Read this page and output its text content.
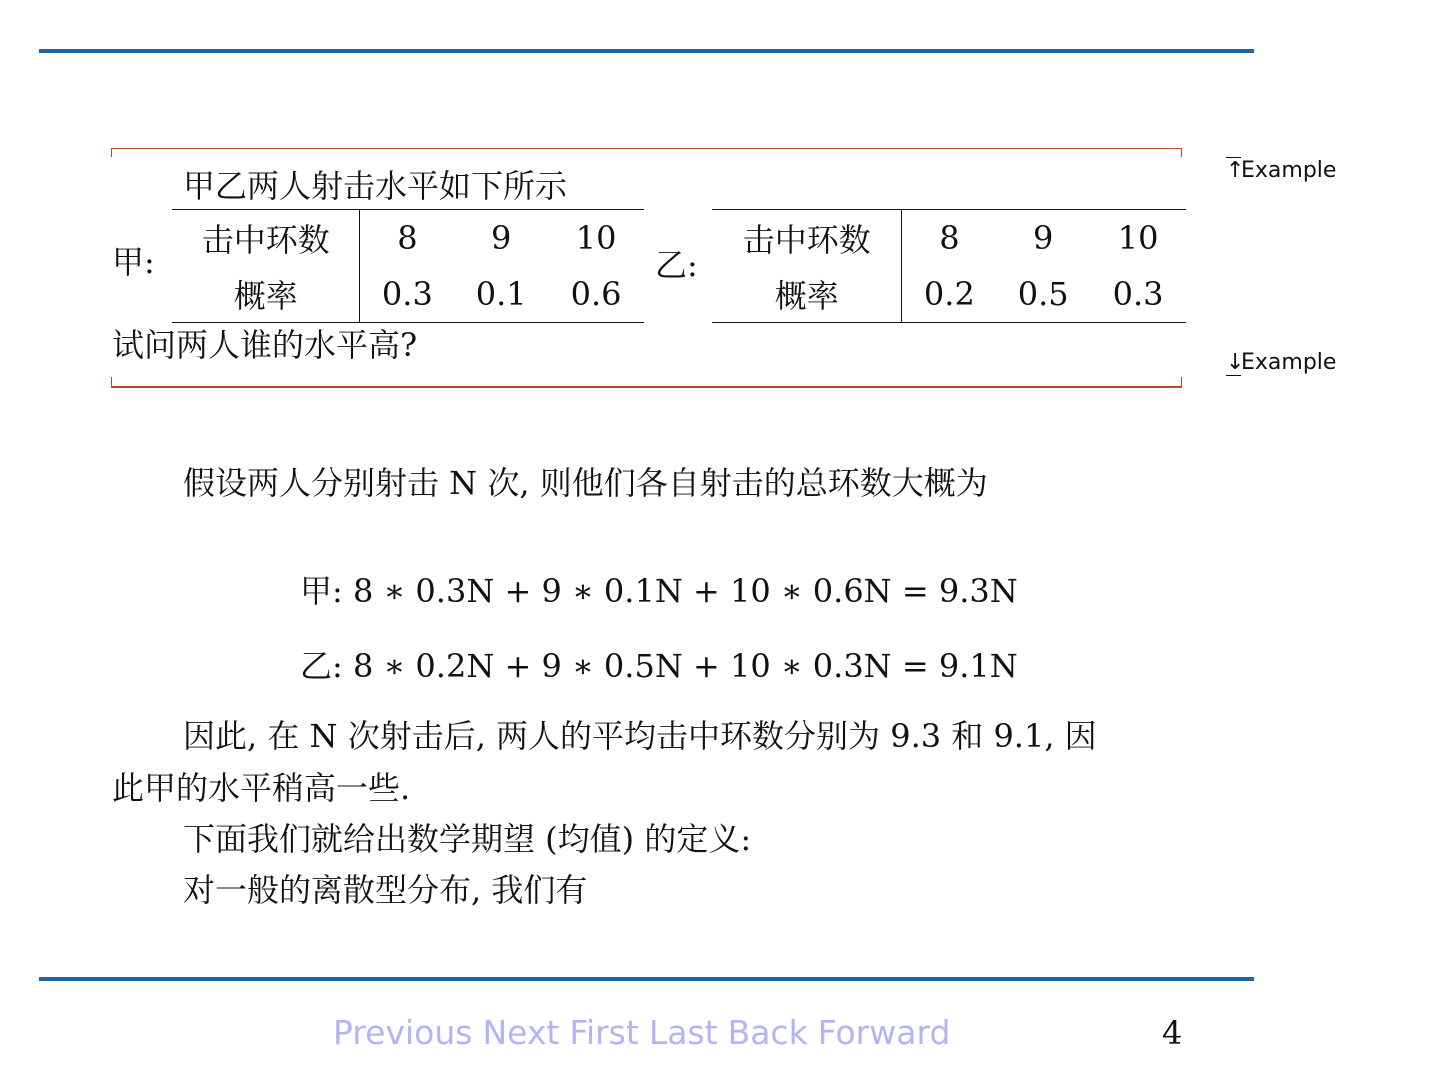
↑Example
↓Example
甲乙两人射击水平如下所示
甲:
击中环数	8	9	10
概率	0.3	0.1	0.6
乙:
击中环数	8	9	10
概率	0.2	0.5	0.3
试问两人谁的水平高?
假设两人分别射击 N 次, 则他们各自射击的总环数大概为
甲: 8 ∗ 0.3N + 9 ∗ 0.1N + 10 ∗ 0.6N = 9.3N
乙: 8 ∗ 0.2N + 9 ∗ 0.5N + 10 ∗ 0.3N = 9.1N
因此, 在 N 次射击后, 两人的平均击中环数分别为 9.3 和 9.1, 因
此甲的水平稍高一些.
下面我们就给出数学期望 (均值) 的定义:
对一般的离散型分布, 我们有
Previous Next First Last Back Forward	4
